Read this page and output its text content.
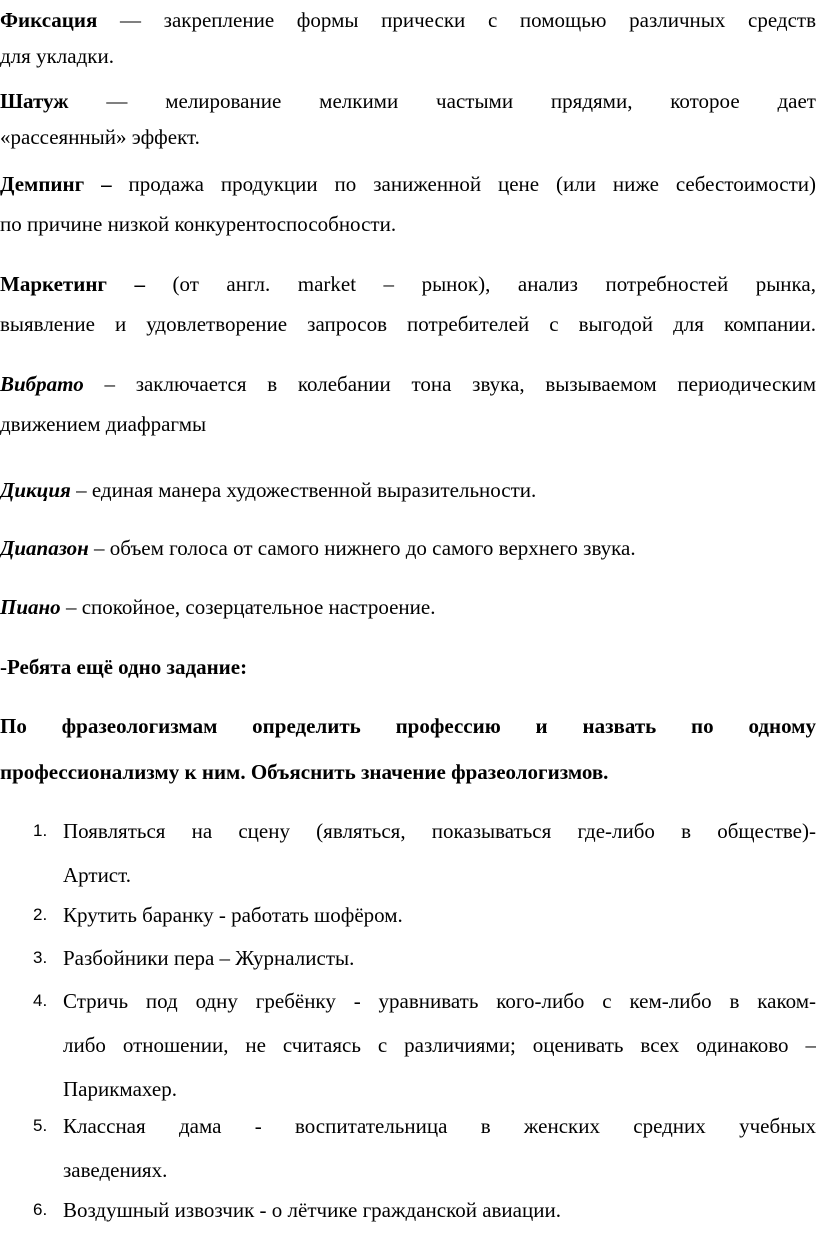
Фиксация — закрепление формы прически с помощью различных средств
для укладки.
Шатуж — мелирование мелкими частыми прядями, которое дает
«рассеянный» эффект.
Демпинг – продажа продукции по заниженной цене (или ниже себестоимости)
по причине низкой конкурентоспособности.
Маркетинг – (от англ. market – рынок), анализ потребностей рынка,
выявление и удовлетворение запросов потребителей с выгодой для компании.
Вибрато – заключается в колебании тона звука, вызываемом периодическим
движением диафрагмы
Дикция – единая манера художественной выразительности.
Диапазон – объем голоса от самого нижнего до самого верхнего звука.
Пиано – спокойное, созерцательное настроение.
-Ребята ещё одно задание:
По фразеологизмам определить профессию и назвать по одному
профессионализму к ним. Объяснить значение фразеологизмов.
1. Появляться на сцену (являться, показываться где-либо в обществе)-
Артист.
2. Крутить баранку - работать шофёром.
3. Разбойники пера – Журналисты.
4. Стричь под одну гребёнку - уравнивать кого-либо с кем-либо в каком-
либо отношении, не считаясь с различиями; оценивать всех одинаково –
Парикмахер.
5. Классная дама - воспитательница в женских средних учебных
заведениях.
6. Воздушный извозчик - о лётчике гражданской авиации.
